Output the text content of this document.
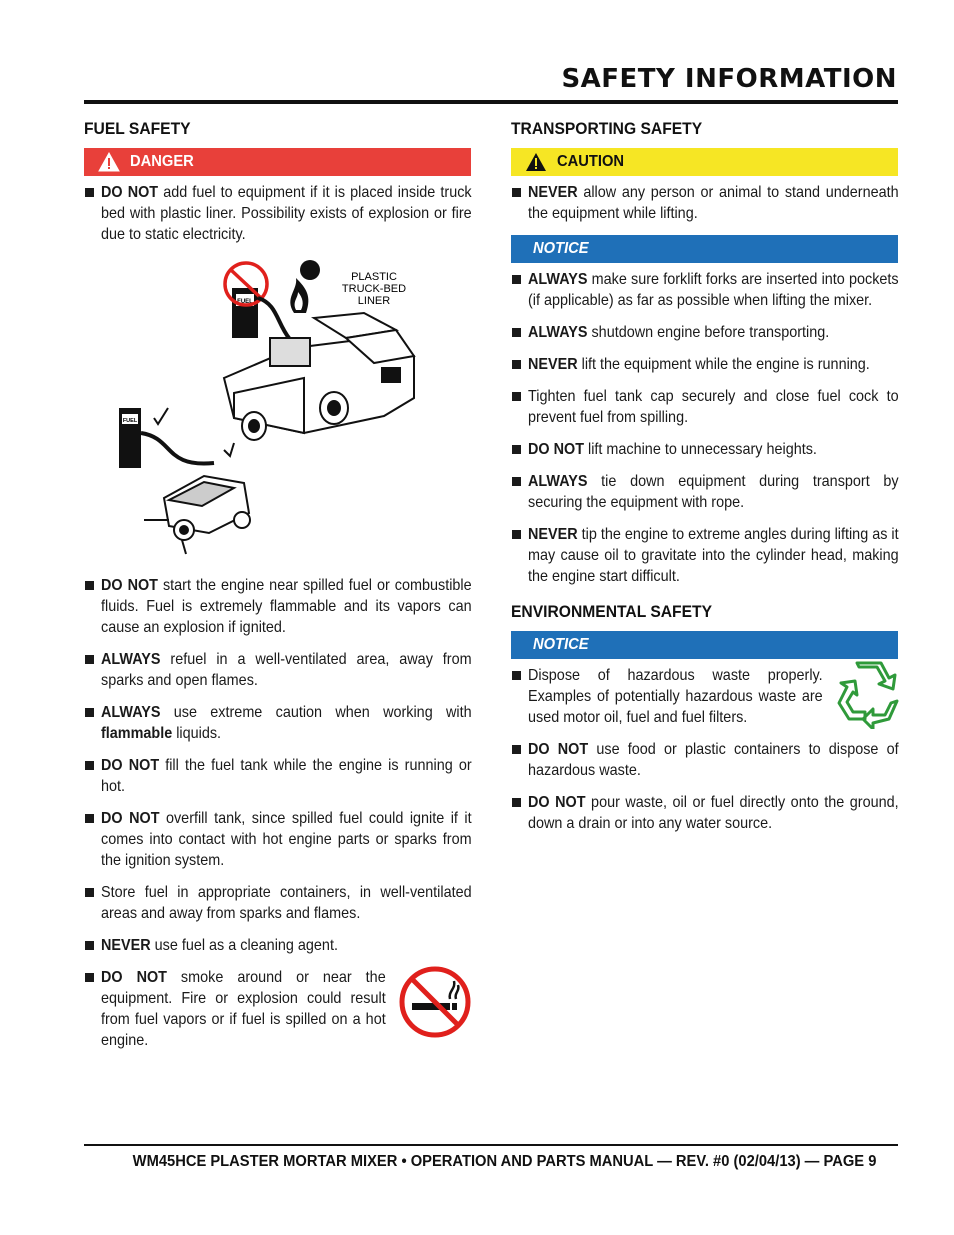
SAFETY INFORMATION
FUEL SAFETY
DANGER
DO NOT add fuel to equipment if it is placed inside truck bed with plastic liner. Possibility exists of explosion or fire due to static electricity.
FUEL
PLASTIC
TRUCK-BED
LINER
FUEL
DO NOT start the engine near spilled fuel or combustible fluids. Fuel is extremely flammable and its vapors can cause an explosion if ignited.
ALWAYS refuel in a well-ventilated area, away from sparks and open flames.
ALWAYS use extreme caution when working with flammable liquids.
DO NOT fill the fuel tank while the engine is running or hot.
DO NOT overfill tank, since spilled fuel could ignite if it comes into contact with hot engine parts or sparks from the ignition system.
Store fuel in appropriate containers, in well-ventilated areas and away from sparks and flames.
NEVER use fuel as a cleaning agent.
DO NOT smoke around or near the equipment. Fire or explosion could result from fuel vapors or if fuel is spilled on a hot engine.
TRANSPORTING SAFETY
CAUTION
NEVER allow any person or animal to stand underneath the equipment while lifting.
NOTICE
ALWAYS make sure forklift forks are inserted into pockets (if applicable) as far as possible when lifting the mixer.
ALWAYS shutdown engine before transporting.
NEVER lift the equipment while the engine is running.
Tighten fuel tank cap securely and close fuel cock to prevent fuel from spilling.
DO NOT lift machine to unnecessary heights.
ALWAYS tie down equipment during transport by securing the equipment with rope.
NEVER tip the engine to extreme angles during lifting as it may cause oil to gravitate into the cylinder head, making the engine start difficult.
ENVIRONMENTAL SAFETY
NOTICE
Dispose of hazardous waste properly. Examples of potentially hazardous waste are used motor oil, fuel and fuel filters.
DO NOT use food or plastic containers to dispose of hazardous waste.
DO NOT pour waste, oil or fuel directly onto the ground, down a drain or into any water source.
WM45HCE PLASTER MORTAR MIXER • OPERATION AND PARTS MANUAL — REV. #0 (02/04/13) — PAGE 9
